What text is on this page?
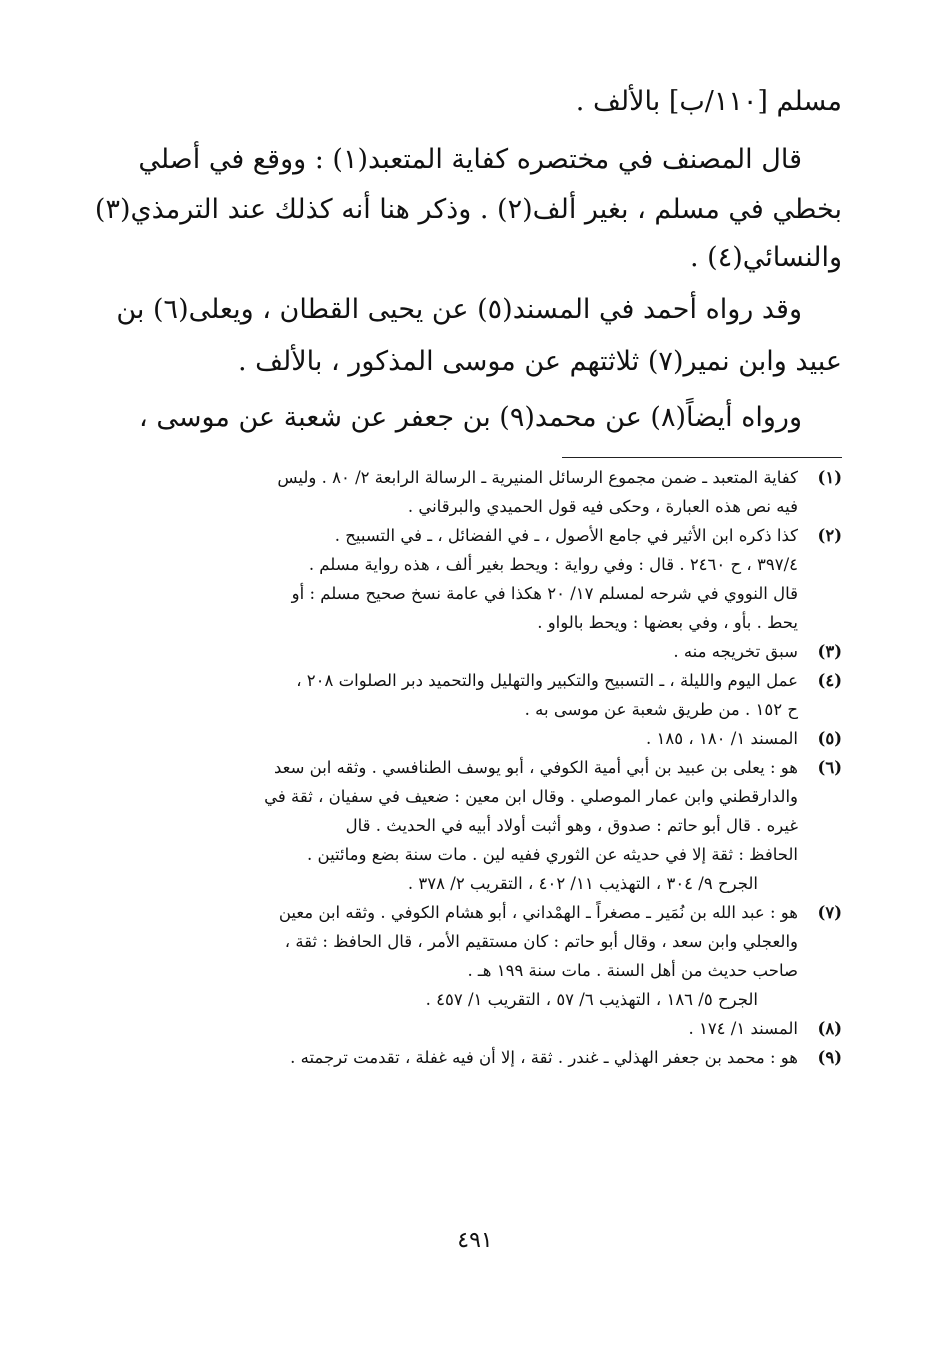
مسلم [١١٠/ب] بالألف .

قال المصنف في مختصره كفاية المتعبد(١) : ووقع في أصلي

بخطي في مسلم ، بغير ألف(٢) . وذكر هنا أنه كذلك عند الترمذي(٣)

والنسائي(٤) .

وقد رواه أحمد في المسند(٥) عن يحيى القطان ، ويعلى(٦) بن

عبيد وابن نمير(٧) ثلاثتهم عن موسى المذكور ، بالألف .

ورواه أيضاً(٨) عن محمد(٩) بن جعفر عن شعبة عن موسى ،

(١)
كفاية المتعبد ـ ضمن مجموع الرسائل المنيرية ـ الرسالة الرابعة ٢/ ٨٠ . وليس
فيه نص هذه العبارة ، وحكى فيه قول الحميدي والبرقاني .
(٢)
كذا ذكره ابن الأثير في جامع الأصول ، ـ في الفضائل ، ـ في التسبيح .
٣٩٧/٤ ، ح ٢٤٦٠ . قال : وفي رواية : ويحط بغير ألف ، هذه رواية مسلم .
قال النووي في شرحه لمسلم ١٧/ ٢٠ هكذا في عامة نسخ صحيح مسلم : أو
يحط . بأو ، وفي بعضها : ويحط بالواو .
(٣)
سبق تخريجه منه .
(٤)
عمل اليوم والليلة ، ـ التسبيح والتكبير والتهليل والتحميد دبر الصلوات ٢٠٨ ،
ح ١٥٢ . من طريق شعبة عن موسى به .
(٥)
المسند ١/ ١٨٠ ، ١٨٥ .
(٦)
هو : يعلى بن عبيد بن أبي أمية الكوفي ، أبو يوسف الطنافسي . وثقه ابن سعد
والدارقطني وابن عمار الموصلي . وقال ابن معين : ضعيف في سفيان ، ثقة في
غيره . قال أبو حاتم : صدوق ، وهو أثبت أولاد أبيه في الحديث . قال
الحافظ : ثقة إلا في حديثه عن الثوري ففيه لين . مات سنة بضع ومائتين .
الجرح ٩/ ٣٠٤ ، التهذيب ١١/ ٤٠٢ ، التقريب ٢/ ٣٧٨ .
(٧)
هو : عبد الله بن نُمَير ـ مصغراً ـ الهمْداني ، أبو هشام الكوفي . وثقه ابن معين
والعجلي وابن سعد ، وقال أبو حاتم : كان مستقيم الأمر ، قال الحافظ : ثقة ،
صاحب حديث من أهل السنة . مات سنة ١٩٩ هـ .
الجرح ٥/ ١٨٦ ، التهذيب ٦/ ٥٧ ، التقريب ١/ ٤٥٧ .
(٨)
المسند ١/ ١٧٤ .
(٩)
هو : محمد بن جعفر الهذلي ـ غندر . ثقة ، إلا أن فيه غفلة ، تقدمت ترجمته .
٤٩١
